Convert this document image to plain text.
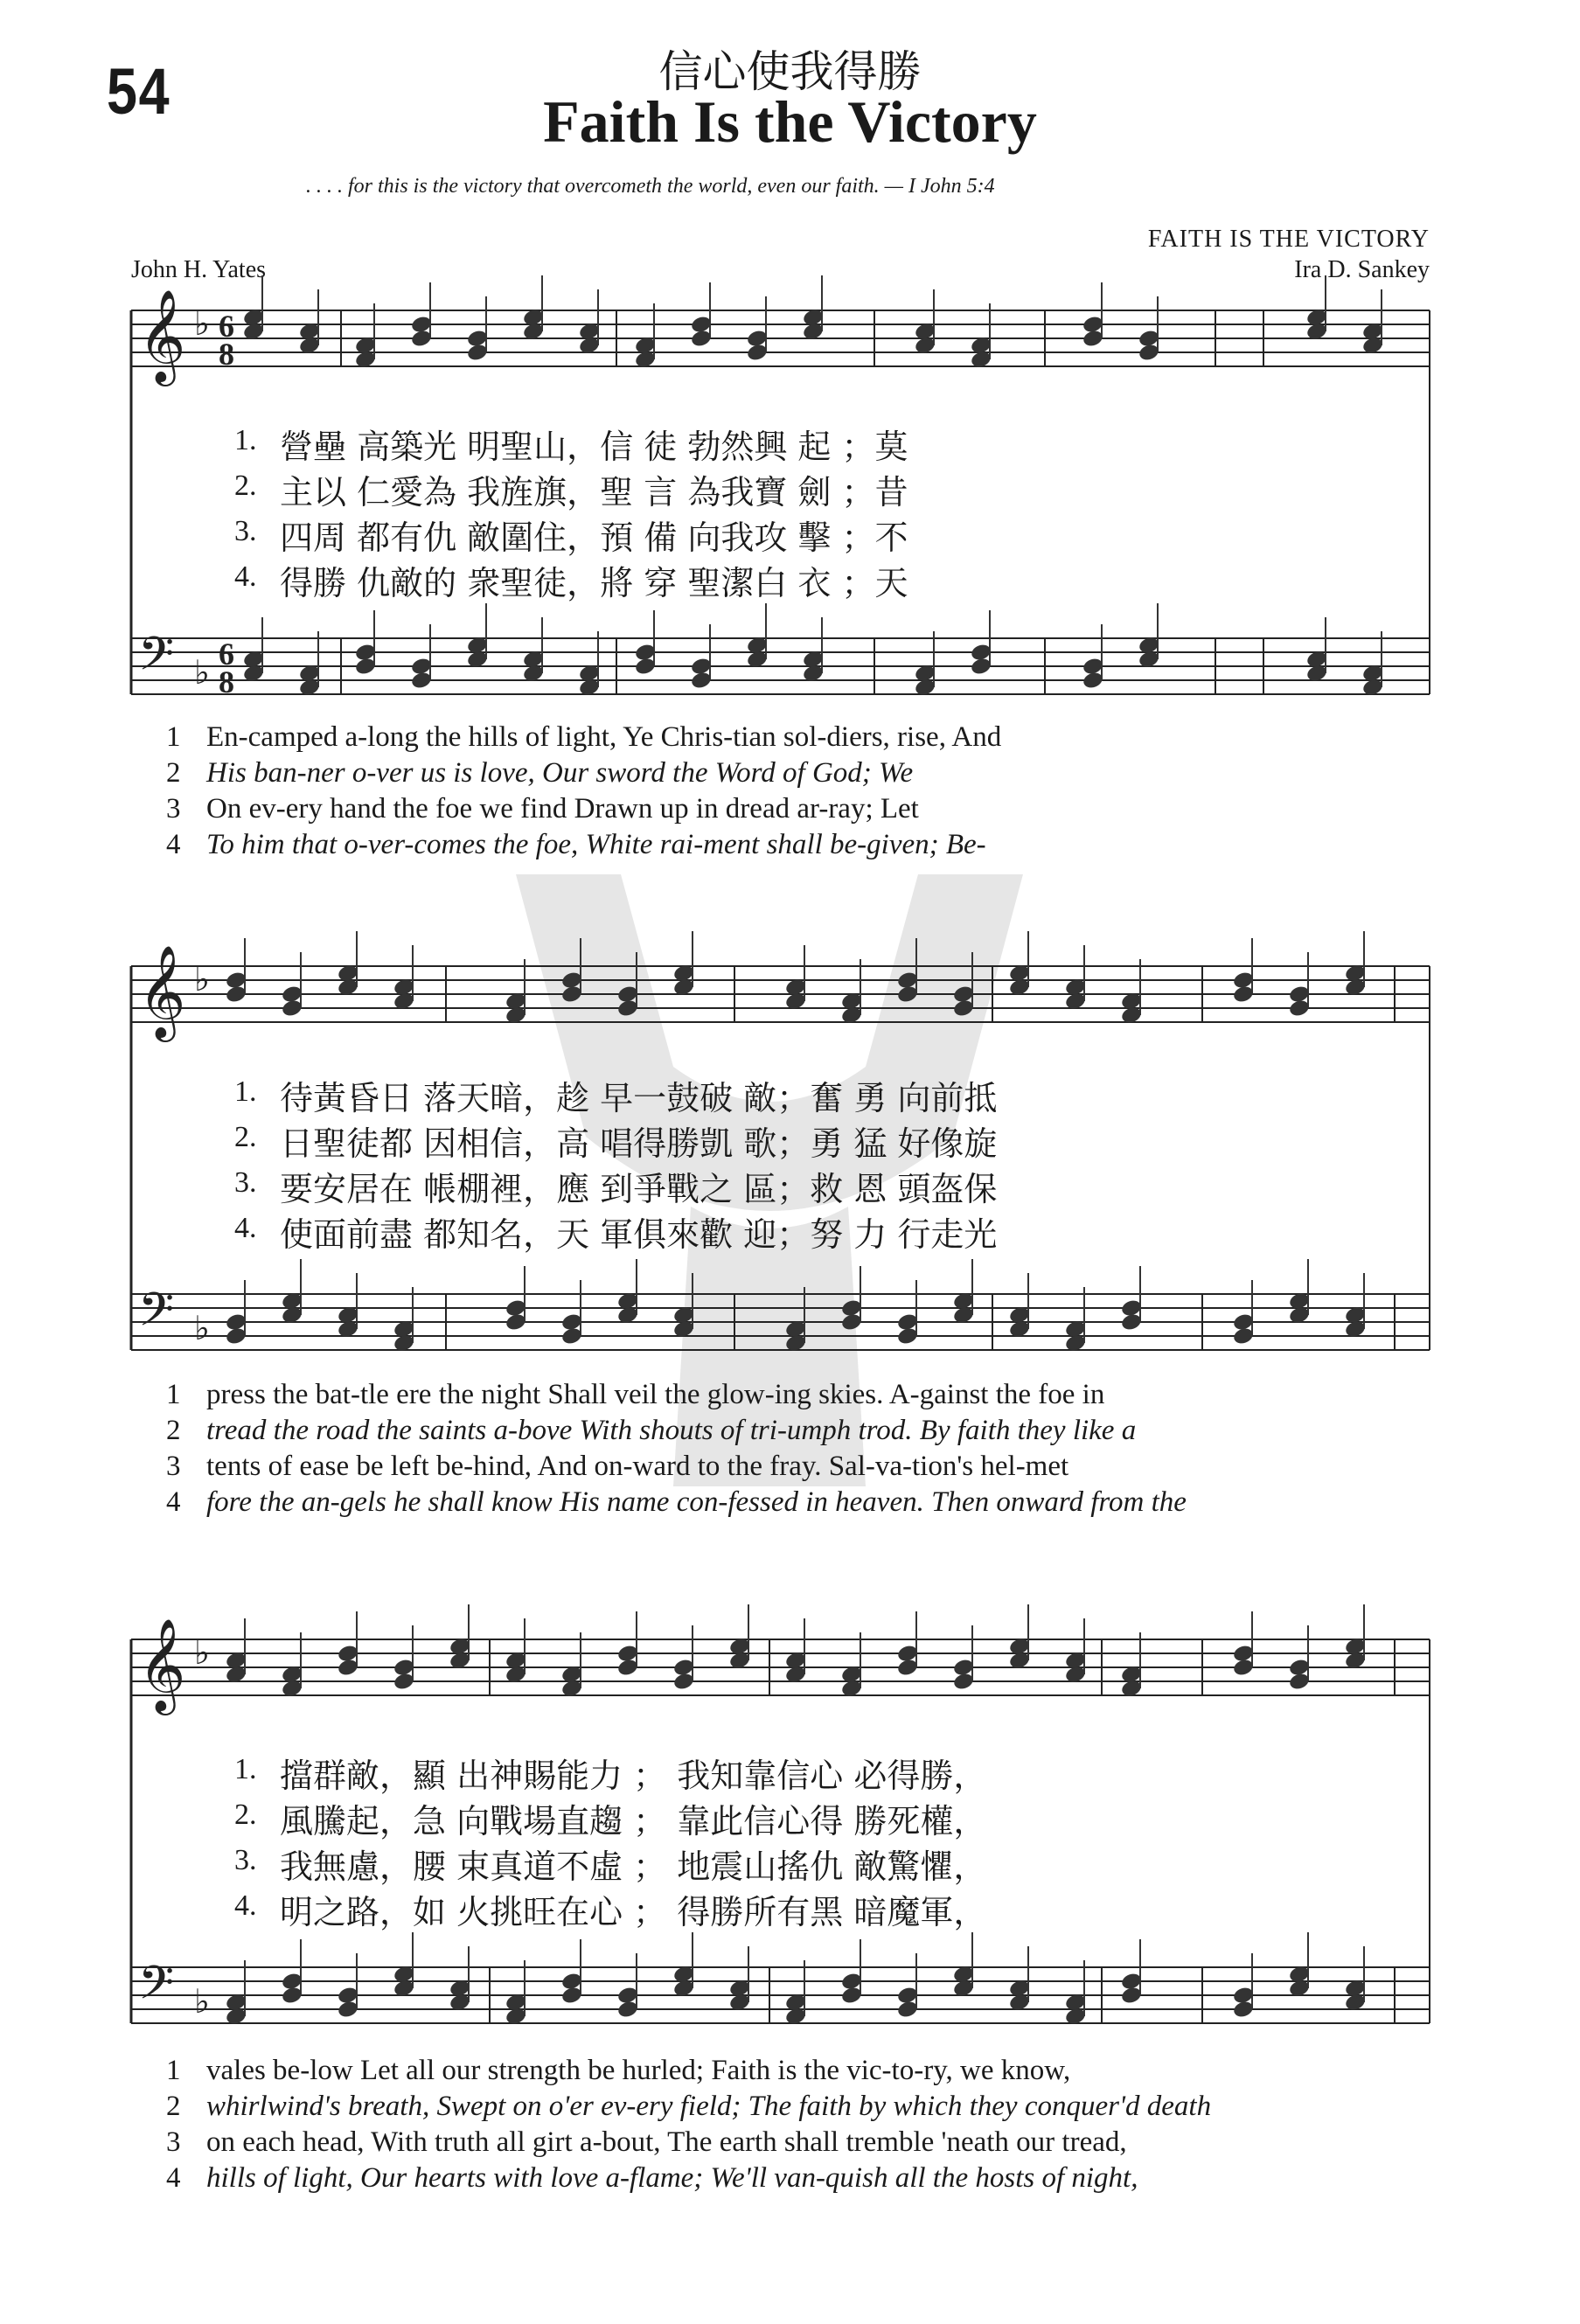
54	信心使我得勝
Faith Is the Victory
. . . . for this is the victory that overcometh the world, even our faith. — I John 5:4
FAITH IS THE VICTORY
John H. Yates	Ira D. Sankey
𝄞
𝄢
♭
♭
6
6
8
8
𝄞
𝄢
♭
♭
𝄞
𝄢
♭
♭
1. 營壘 高築光 明聖山，信 徒 勃然興 起 ；莫
2. 主以 仁愛為 我旌旗，聖 言 為我寶 劍 ；昔
3. 四周 都有仇 敵圍住，預 備 向我攻 擊 ；不
4. 得勝 仇敵的 衆聖徒，將 穿 聖潔白 衣 ；天
1 En-camped a-long the hills of light, Ye Chris-tian sol-diers, rise, And
2 His ban-ner o-ver us is love, Our sword the Word of God; We
3 On ev-ery hand the foe we find Drawn up in dread ar-ray; Let
4 To him that o-ver-comes the foe, White rai-ment shall be-given; Be-
1. 待黃昏日 落天暗，趁 早一鼓破 敵；奮 勇 向前抵
2. 日聖徒都 因相信，高 唱得勝凱 歌；勇 猛 好像旋
3. 要安居在 帳棚裡，應 到爭戰之 區；救 恩 頭盔保
4. 使面前盡 都知名，天 軍俱來歡 迎；努 力 行走光
1 press the bat-tle ere the night Shall veil the glow-ing skies. A-gainst the foe in
2 tread the road the saints a-bove With shouts of tri-umph trod. By faith they like a
3 tents of ease be left be-hind, And on-ward to the fray. Sal-va-tion's hel-met
4 fore the an-gels he shall know His name con-fessed in heaven. Then onward from the
1. 擋群敵，顯 出神賜能力 ； 我知靠信心 必得勝，
2. 風騰起，急 向戰場直趨 ； 靠此信心得 勝死權，
3. 我無慮，腰 束真道不虛 ； 地震山搖仇 敵驚懼，
4. 明之路，如 火挑旺在心 ； 得勝所有黑 暗魔軍，
1 vales be-low Let all our strength be hurled; Faith is the vic-to-ry, we know,
2 whirlwind's breath, Swept on o'er ev-ery field; The faith by which they conquer'd death
3 on each head, With truth all girt a-bout, The earth shall tremble 'neath our tread,
4 hills of light, Our hearts with love a-flame; We'll van-quish all the hosts of night,
